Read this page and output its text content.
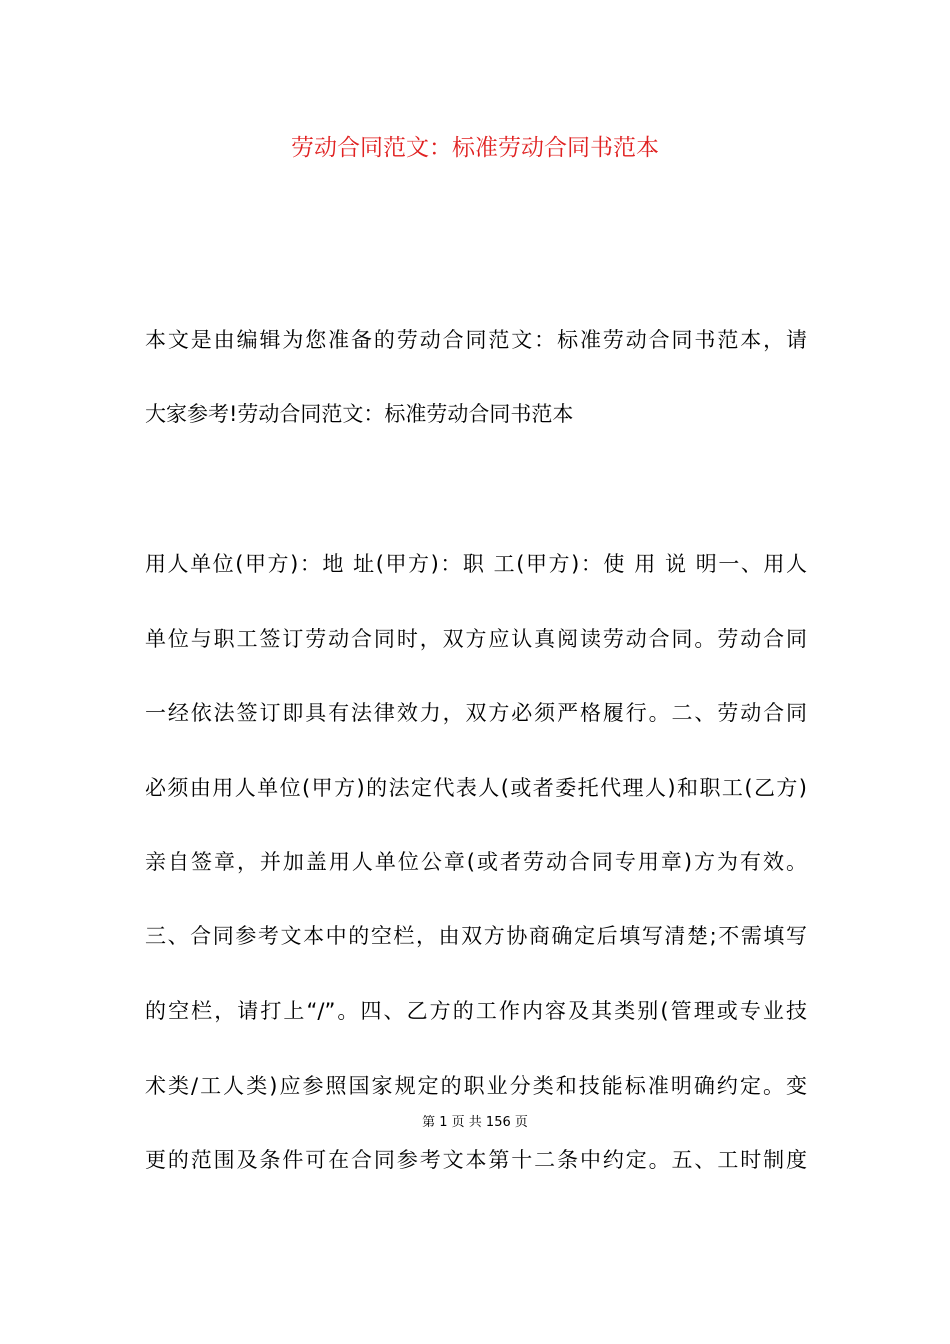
劳动合同范文：标准劳动合同书范本
本文是由编辑为您准备的劳动合同范文：标准劳动合同书范本，请
大家参考!劳动合同范文：标准劳动合同书范本
用人单位(甲方)：地 址(甲方)：职 工(甲方)：使 用 说 明一、用人
单位与职工签订劳动合同时，双方应认真阅读劳动合同。劳动合同
一经依法签订即具有法律效力，双方必须严格履行。二、劳动合同
必须由用人单位(甲方)的法定代表人(或者委托代理人)和职工(乙方)
亲自签章，并加盖用人单位公章(或者劳动合同专用章)方为有效。
三、合同参考文本中的空栏，由双方协商确定后填写清楚;不需填写
的空栏，请打上“/”。四、乙方的工作内容及其类别(管理或专业技
术类/工人类)应参照国家规定的职业分类和技能标准明确约定。变
第 1 页 共 156 页
更的范围及条件可在合同参考文本第十二条中约定。五、工时制度
